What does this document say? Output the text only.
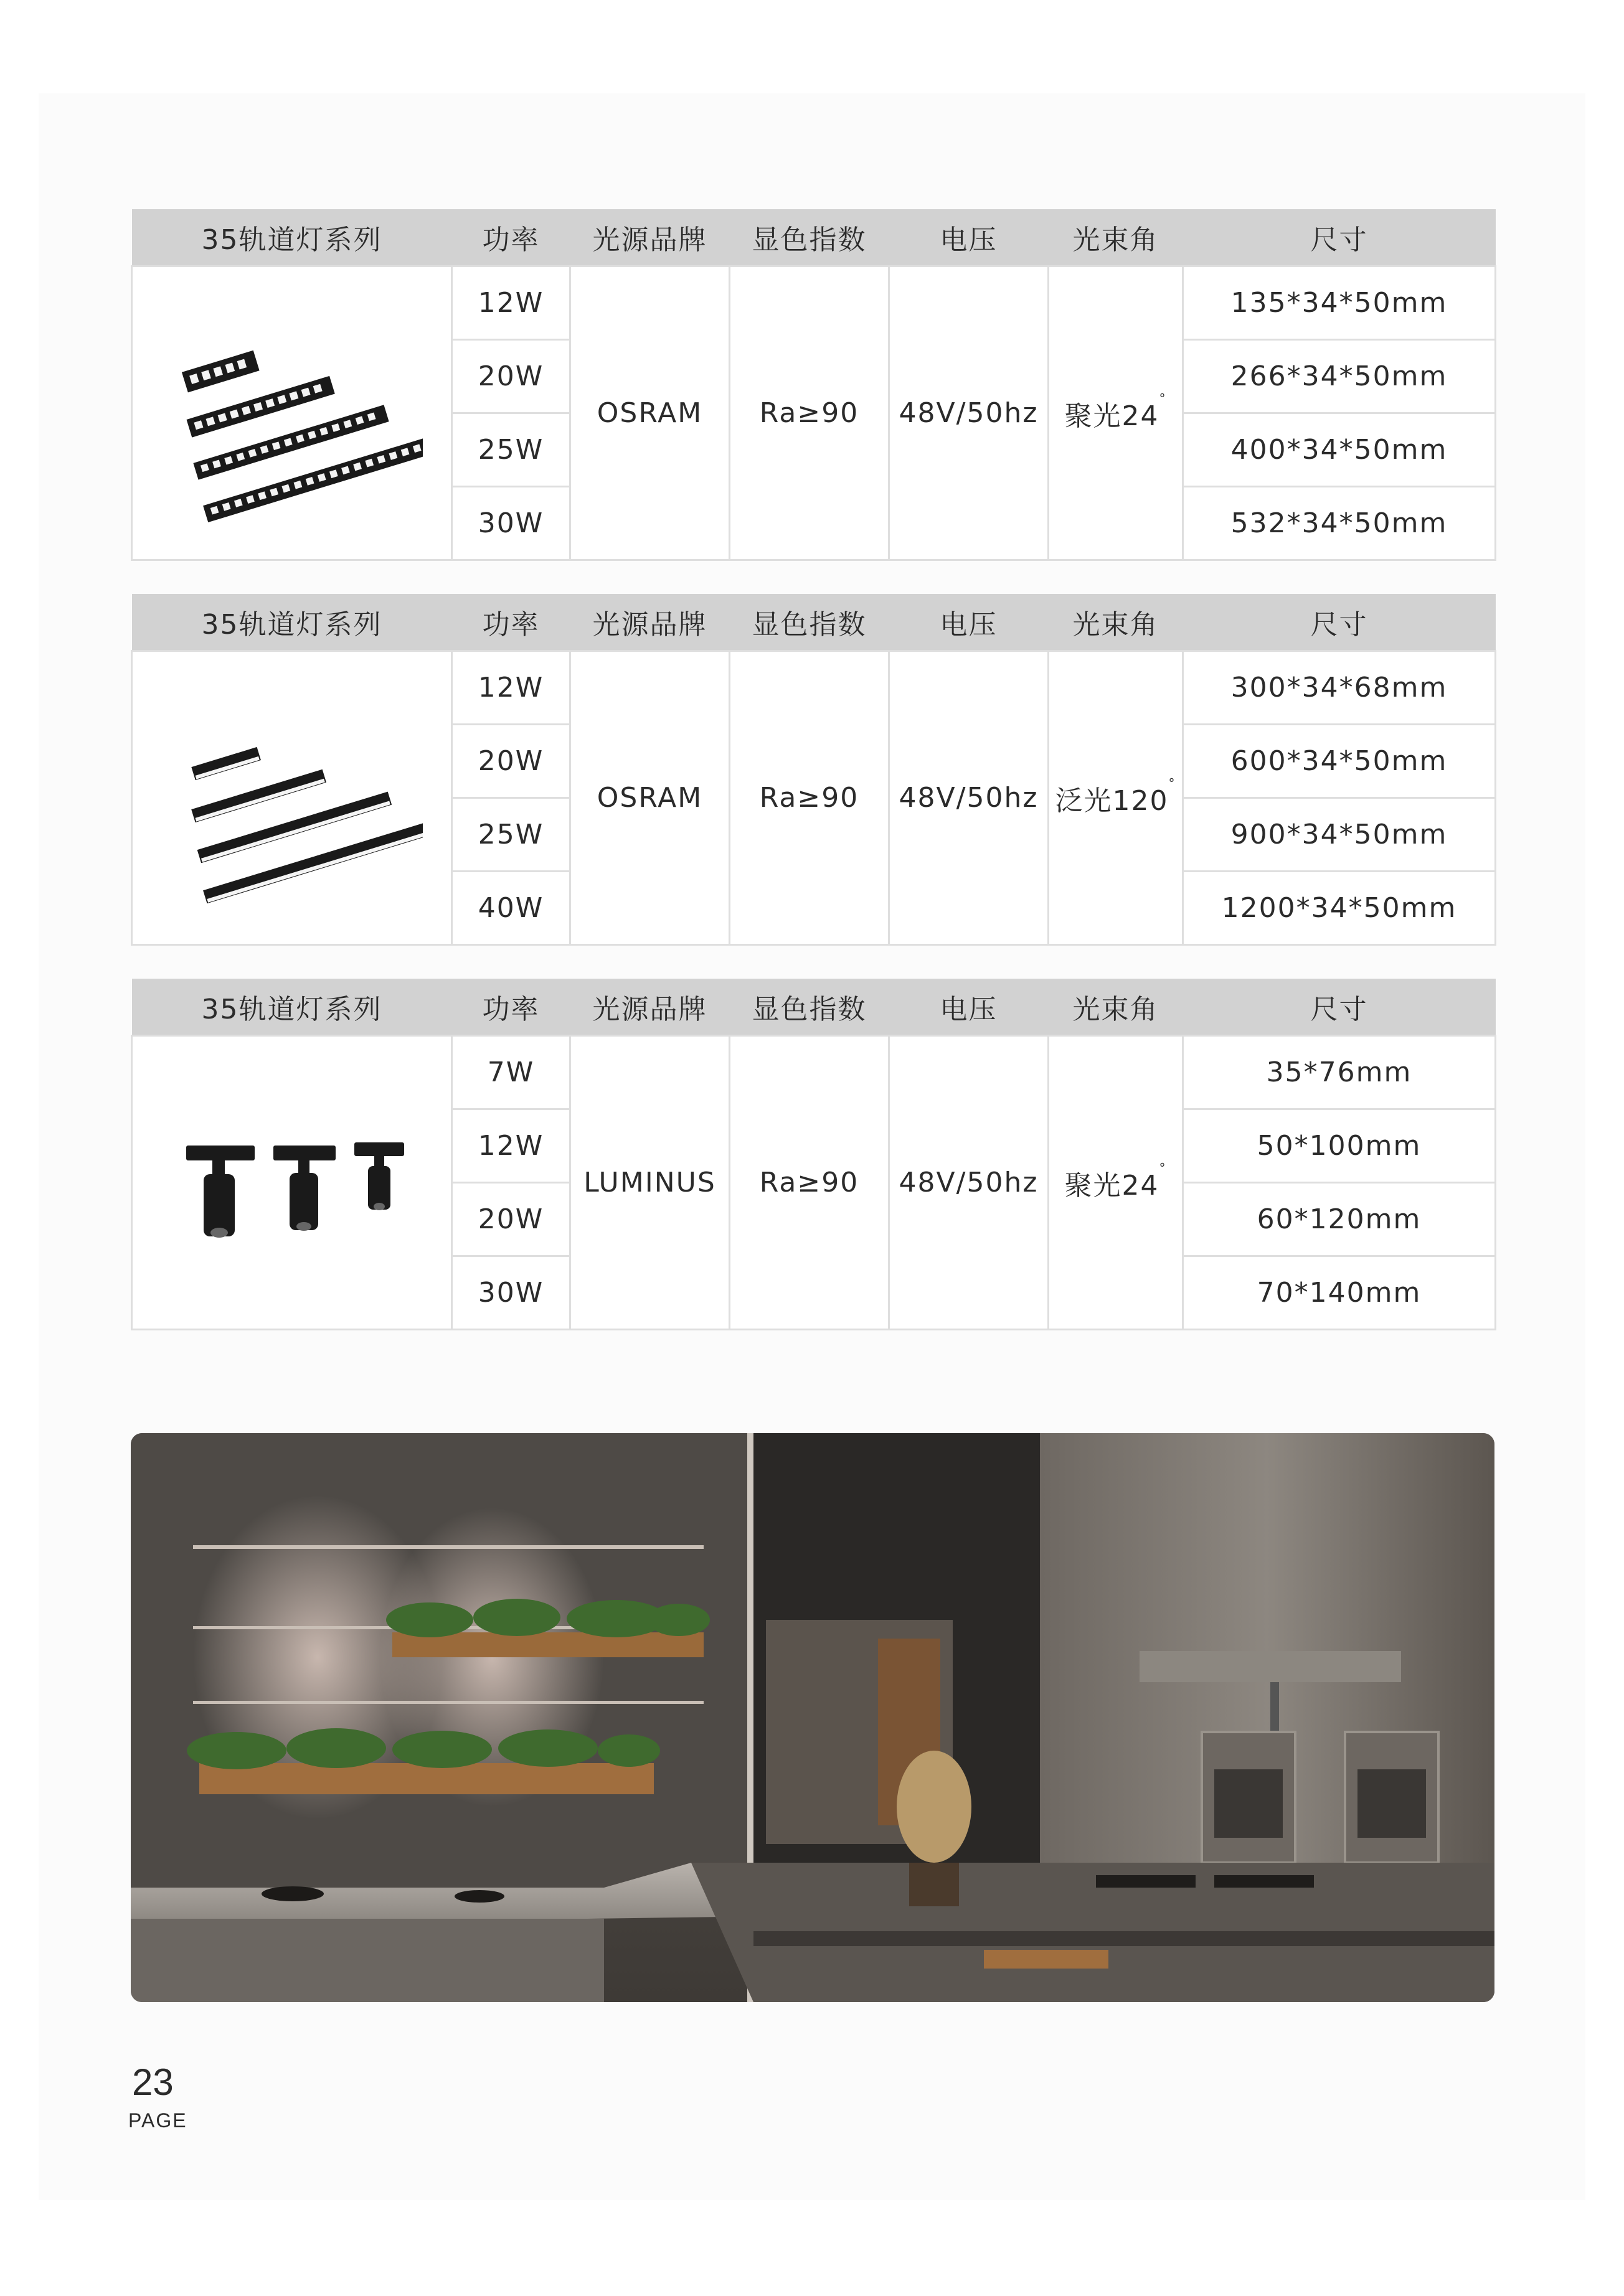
35轨道灯系列	功率	光源品牌	显色指数	电压	光束角	尺寸

	12W	OSRAM	Ra≥90	48V/50hz	聚光24°	135*34*50mm
	20W					266*34*50mm
	25W					400*34*50mm
	30W					532*34*50mm
35轨道灯系列	功率	光源品牌	显色指数	电压	光束角	尺寸

	12W	OSRAM	Ra≥90	48V/50hz	泛光120°	300*34*68mm
	20W					600*34*50mm
	25W					900*34*50mm
	40W					1200*34*50mm
35轨道灯系列	功率	光源品牌	显色指数	电压	光束角	尺寸

	7W	LUMINUS	Ra≥90	48V/50hz	聚光24°	35*76mm
	12W					50*100mm
	20W					60*120mm
	30W					70*140mm
23
PAGE
